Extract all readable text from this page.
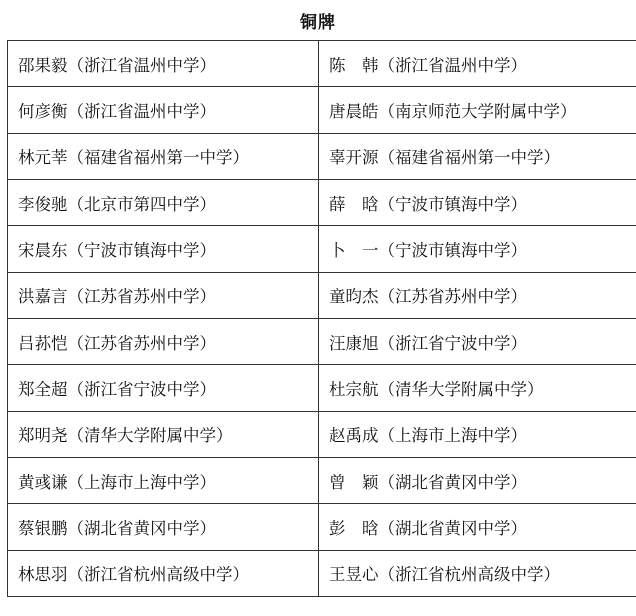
铜牌
邵果毅（浙江省温州中学）	陈　韩（浙江省温州中学）
何彦衡（浙江省温州中学）	唐晨皓（南京师范大学附属中学）
林元莘（福建省福州第一中学）	辜开源（福建省福州第一中学）
李俊驰（北京市第四中学）	薛　晗（宁波市镇海中学）
宋晨东（宁波市镇海中学）	卜　一（宁波市镇海中学）
洪嘉言（江苏省苏州中学）	童昀杰（江苏省苏州中学）
吕荪恺（江苏省苏州中学）	汪康旭（浙江省宁波中学）
郑全超（浙江省宁波中学）	杜宗航（清华大学附属中学）
郑明尧（清华大学附属中学）	赵禹成（上海市上海中学）
黄彧谦（上海市上海中学）	曾　颖（湖北省黄冈中学）
蔡银鹏（湖北省黄冈中学）	彭　晗（湖北省黄冈中学）
林思羽（浙江省杭州高级中学）	王昱心（浙江省杭州高级中学）
